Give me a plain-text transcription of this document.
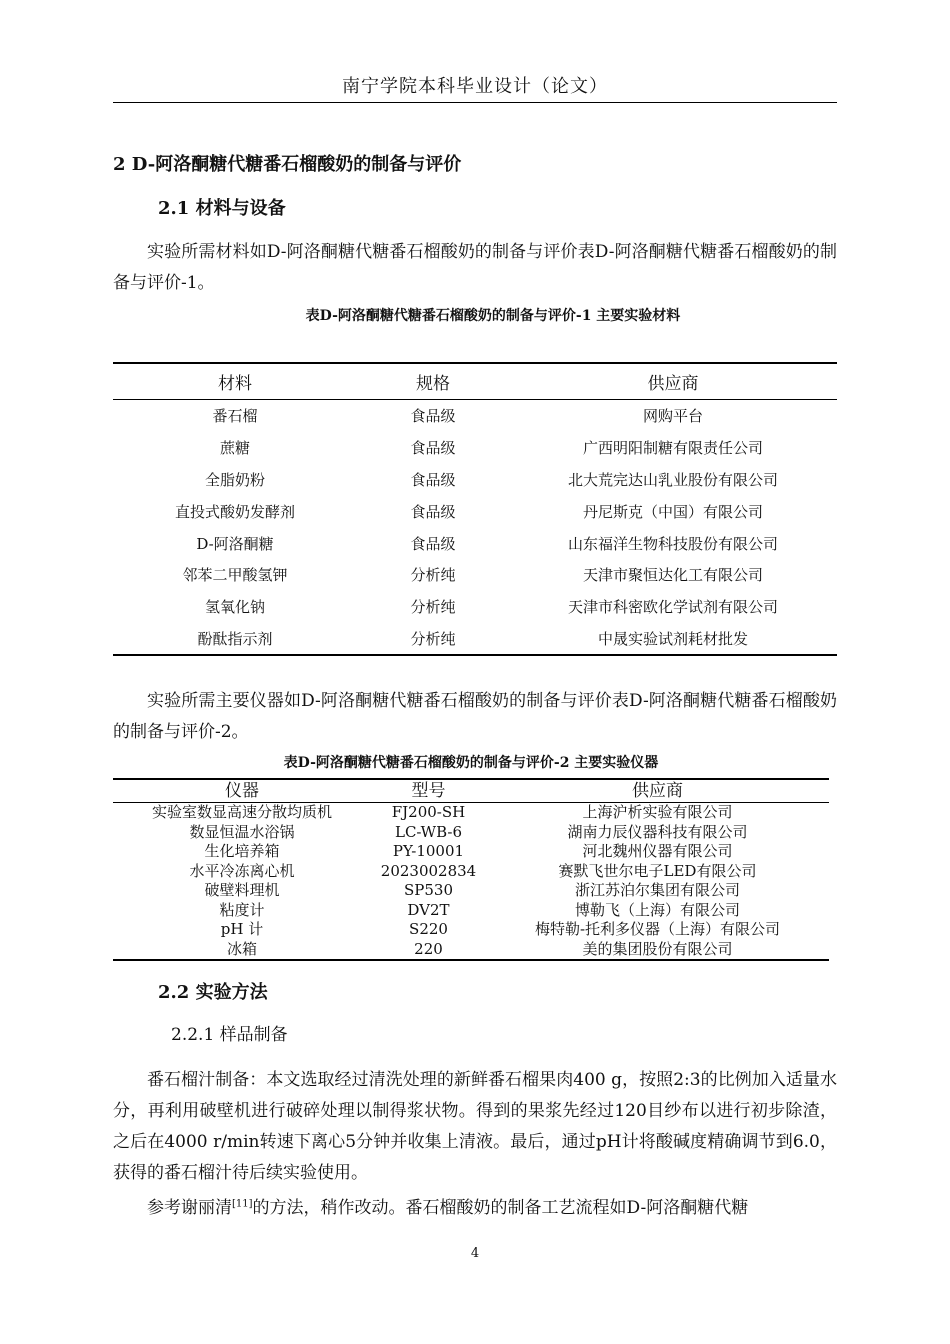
南宁学院本科毕业设计（论文）
2 D-阿洛酮糖代糖番石榴酸奶的制备与评价
2.1 材料与设备

实验所需材料如D-阿洛酮糖代糖番石榴酸奶的制备与评价表D-阿洛酮糖代糖番石榴酸奶的制备与评价-1。

表D-阿洛酮糖代糖番石榴酸奶的制备与评价-1 主要实验材料
材料	规格	供应商
番石榴	食品级	网购平台
蔗糖	食品级	广西明阳制糖有限责任公司
全脂奶粉	食品级	北大荒完达山乳业股份有限公司
直投式酸奶发酵剂	食品级	丹尼斯克（中国）有限公司
D-阿洛酮糖	食品级	山东福洋生物科技股份有限公司
邻苯二甲酸氢钾	分析纯	天津市聚恒达化工有限公司
氢氧化钠	分析纯	天津市科密欧化学试剂有限公司
酚酞指示剂	分析纯	中晟实验试剂耗材批发

实验所需主要仪器如D-阿洛酮糖代糖番石榴酸奶的制备与评价表D-阿洛酮糖代糖番石榴酸奶的制备与评价-2。

表D-阿洛酮糖代糖番石榴酸奶的制备与评价-2 主要实验仪器
仪器	型号	供应商
实验室数显高速分散均质机	FJ200-SH	上海沪析实验有限公司
数显恒温水浴锅	LC-WB-6	湖南力辰仪器科技有限公司
生化培养箱	PY-10001	河北魏州仪器有限公司
水平冷冻离心机	2023002834	赛默飞世尔电子LED有限公司
破壁料理机	SP530	浙江苏泊尔集团有限公司
粘度计	DV2T	博勒飞（上海）有限公司
pH 计	S220	梅特勒-托利多仪器（上海）有限公司
冰箱	220	美的集团股份有限公司
2.2 实验方法
2.2.1 样品制备

番石榴汁制备：本文选取经过清洗处理的新鲜番石榴果肉400 g，按照2:3的比例加入适量水分，再利用破壁机进行破碎处理以制得浆状物。得到的果浆先经过120目纱布以进行初步除渣，之后在4000 r/min转速下离心5分钟并收集上清液。最后，通过pH计将酸碱度精确调节到6.0，获得的番石榴汁待后续实验使用。

参考谢丽清[11]的方法，稍作改动。番石榴酸奶的制备工艺流程如D-阿洛酮糖代糖

4
